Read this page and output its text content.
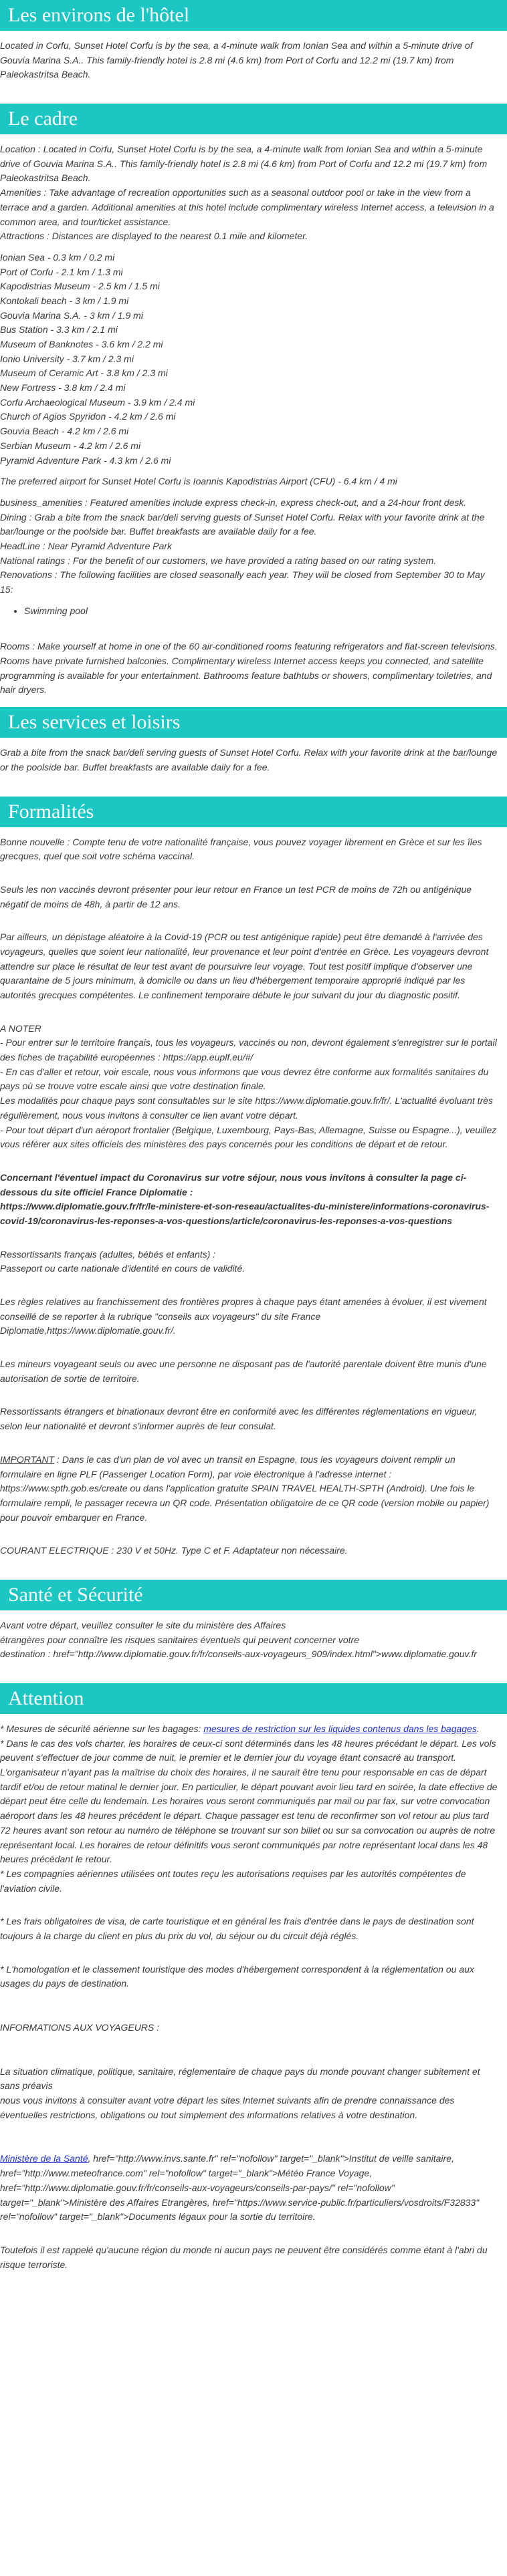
Les environs de l'hôtel
Located in Corfu, Sunset Hotel Corfu is by the sea, a 4-minute walk from Ionian Sea and within a 5-minute drive of Gouvia Marina S.A.. This family-friendly hotel is 2.8 mi (4.6 km) from Port of Corfu and 12.2 mi (19.7 km) from Paleokastritsa Beach.
Le cadre
Location : Located in Corfu, Sunset Hotel Corfu is by the sea, a 4-minute walk from Ionian Sea and within a 5-minute drive of Gouvia Marina S.A.. This family-friendly hotel is 2.8 mi (4.6 km) from Port of Corfu and 12.2 mi (19.7 km) from Paleokastritsa Beach.
Amenities : Take advantage of recreation opportunities such as a seasonal outdoor pool or take in the view from a terrace and a garden. Additional amenities at this hotel include complimentary wireless Internet access, a television in a common area, and tour/ticket assistance.
Attractions : Distances are displayed to the nearest 0.1 mile and kilometer.
Ionian Sea - 0.3 km / 0.2 mi
Port of Corfu - 2.1 km / 1.3 mi
Kapodistrias Museum - 2.5 km / 1.5 mi
Kontokali beach - 3 km / 1.9 mi
Gouvia Marina S.A. - 3 km / 1.9 mi
Bus Station - 3.3 km / 2.1 mi
Museum of Banknotes - 3.6 km / 2.2 mi
Ionio University - 3.7 km / 2.3 mi
Museum of Ceramic Art - 3.8 km / 2.3 mi
New Fortress - 3.8 km / 2.4 mi
Corfu Archaeological Museum - 3.9 km / 2.4 mi
Church of Agios Spyridon - 4.2 km / 2.6 mi
Gouvia Beach - 4.2 km / 2.6 mi
Serbian Museum - 4.2 km / 2.6 mi
Pyramid Adventure Park - 4.3 km / 2.6 mi
The preferred airport for Sunset Hotel Corfu is Ioannis Kapodistrias Airport (CFU) - 6.4 km / 4 mi
business_amenities : Featured amenities include express check-in, express check-out, and a 24-hour front desk.
Dining : Grab a bite from the snack bar/deli serving guests of Sunset Hotel Corfu. Relax with your favorite drink at the bar/lounge or the poolside bar. Buffet breakfasts are available daily for a fee.
HeadLine : Near Pyramid Adventure Park
National ratings : For the benefit of our customers, we have provided a rating based on our rating system.
Renovations : The following facilities are closed seasonally each year. They will be closed from September 30 to May 15:
• Swimming pool
Rooms : Make yourself at home in one of the 60 air-conditioned rooms featuring refrigerators and flat-screen televisions. Rooms have private furnished balconies. Complimentary wireless Internet access keeps you connected, and satellite programming is available for your entertainment. Bathrooms feature bathtubs or showers, complimentary toiletries, and hair dryers.
Les services et loisirs
Grab a bite from the snack bar/deli serving guests of Sunset Hotel Corfu. Relax with your favorite drink at the bar/lounge or the poolside bar. Buffet breakfasts are available daily for a fee.
Formalités
Bonne nouvelle : Compte tenu de votre nationalité française, vous pouvez voyager librement en Grèce et sur les îles grecques, quel que soit votre schéma vaccinal.
Seuls les non vaccinés devront présenter pour leur retour en France un test PCR de moins de 72h ou antigénique négatif de moins de 48h, à partir de 12 ans.
Par ailleurs, un dépistage aléatoire à la Covid-19 (PCR ou test antigénique rapide) peut être demandé à l'arrivée des voyageurs, quelles que soient leur nationalité, leur provenance et leur point d'entrée en Grèce. Les voyageurs devront attendre sur place le résultat de leur test avant de poursuivre leur voyage. Tout test positif implique d'observer une quarantaine de 5 jours minimum, à domicile ou dans un lieu d'hébergement temporaire approprié indiqué par les autorités grecques compétentes. Le confinement temporaire débute le jour suivant du jour du diagnostic positif.
A NOTER
- Pour entrer sur le territoire français, tous les voyageurs, vaccinés ou non, devront également s'enregistrer sur le portail des fiches de traçabilité européennes : https://app.euplf.eu/#/
- En cas d'aller et retour, voir escale, nous vous informons que vous devrez être conforme aux formalités sanitaires du pays où se trouve votre escale ainsi que votre destination finale.
Les modalités pour chaque pays sont consultables sur le site https://www.diplomatie.gouv.fr/fr/. L'actualité évoluant très régulièrement, nous vous invitons à consulter ce lien avant votre départ.
- Pour tout départ d'un aéroport frontalier (Belgique, Luxembourg, Pays-Bas, Allemagne, Suisse ou Espagne...), veuillez vous référer aux sites officiels des ministères des pays concernés pour les conditions de départ et de retour.
Concernant l'éventuel impact du Coronavirus sur votre séjour, nous vous invitons à consulter la page ci-dessous du site officiel France Diplomatie :
https://www.diplomatie.gouv.fr/fr/le-ministere-et-son-reseau/actualites-du-ministere/informations-coronavirus-covid-19/coronavirus-les-reponses-a-vos-questions/article/coronavirus-les-reponses-a-vos-questions
Ressortissants français (adultes, bébés et enfants) :
Passeport ou carte nationale d'identité en cours de validité.
Les règles relatives au franchissement des frontières propres à chaque pays étant amenées à évoluer, il est vivement conseillé de se reporter à la rubrique "conseils aux voyageurs" du site France Diplomatie,https://www.diplomatie.gouv.fr/.
Les mineurs voyageant seuls ou avec une personne ne disposant pas de l'autorité parentale doivent être munis d'une autorisation de sortie de territoire.
Ressortissants étrangers et binationaux devront être en conformité avec les différentes réglementations en vigueur, selon leur nationalité et devront s'informer auprès de leur consulat.
IMPORTANT : Dans le cas d'un plan de vol avec un transit en Espagne, tous les voyageurs doivent remplir un formulaire en ligne PLF (Passenger Location Form), par voie électronique à l'adresse internet : https://www.spth.gob.es/create ou dans l'application gratuite SPAIN TRAVEL HEALTH-SPTH (Android). Une fois le formulaire rempli, le passager recevra un QR code. Présentation obligatoire de ce QR code (version mobile ou papier) pour pouvoir embarquer en France.
COURANT ELECTRIQUE : 230 V et 50Hz. Type C et F. Adaptateur non nécessaire.
Santé et Sécurité
Avant votre départ, veuillez consulter le site du ministère des Affaires
étrangères pour connaître les risques sanitaires éventuels qui peuvent concerner votre
destination : href="http://www.diplomatie.gouv.fr/fr/conseils-aux-voyageurs_909/index.html">www.diplomatie.gouv.fr
Attention
* Mesures de sécurité aérienne sur les bagages: mesures de restriction sur les liquides contenus dans les bagages.
* Dans le cas des vols charter, les horaires de ceux-ci sont déterminés dans les 48 heures précédant le départ. Les vols peuvent s'effectuer de jour comme de nuit, le premier et le dernier jour du voyage étant consacré au transport. L'organisateur n'ayant pas la maîtrise du choix des horaires, il ne saurait être tenu pour responsable en cas de départ tardif et/ou de retour matinal le dernier jour. En particulier, le départ pouvant avoir lieu tard en soirée, la date effective de départ peut être celle du lendemain. Les horaires vous seront communiqués par mail ou par fax, sur votre convocation aéroport dans les 48 heures précédent le départ. Chaque passager est tenu de reconfirmer son vol retour au plus tard 72 heures avant son retour au numéro de téléphone se trouvant sur son billet ou sur sa convocation ou auprès de notre représentant local. Les horaires de retour définitifs vous seront communiqués par notre représentant local dans les 48 heures précédant le retour.
* Les compagnies aériennes utilisées ont toutes reçu les autorisations requises par les autorités compétentes de l'aviation civile.
* Les frais obligatoires de visa, de carte touristique et en général les frais d'entrée dans le pays de destination sont toujours à la charge du client en plus du prix du vol, du séjour ou du circuit déjà réglés.
* L'homologation et le classement touristique des modes d'hébergement correspondent à la réglementation ou aux usages du pays de destination.
INFORMATIONS AUX VOYAGEURS :
La situation climatique, politique, sanitaire, réglementaire de chaque pays du monde pouvant changer subitement et sans préavis
nous vous invitons à consulter avant votre départ les sites Internet suivants afin de prendre connaissance des éventuelles restrictions, obligations ou tout simplement des informations relatives à votre destination.
Ministère de la Santé, href="http://www.invs.sante.fr" rel="nofollow" target="_blank">Institut de veille sanitaire, href="http://www.meteofrance.com" rel="nofollow" target="_blank">Météo France Voyage, href="http://www.diplomatie.gouv.fr/fr/conseils-aux-voyageurs/conseils-par-pays/" rel="nofollow" target="_blank">Ministère des Affaires Etrangères, href="https://www.service-public.fr/particuliers/vosdroits/F32833" rel="nofollow" target="_blank">Documents légaux pour la sortie du territoire.
Toutefois il est rappelé qu'aucune région du monde ni aucun pays ne peuvent être considérés comme étant à l'abri du risque terroriste.
